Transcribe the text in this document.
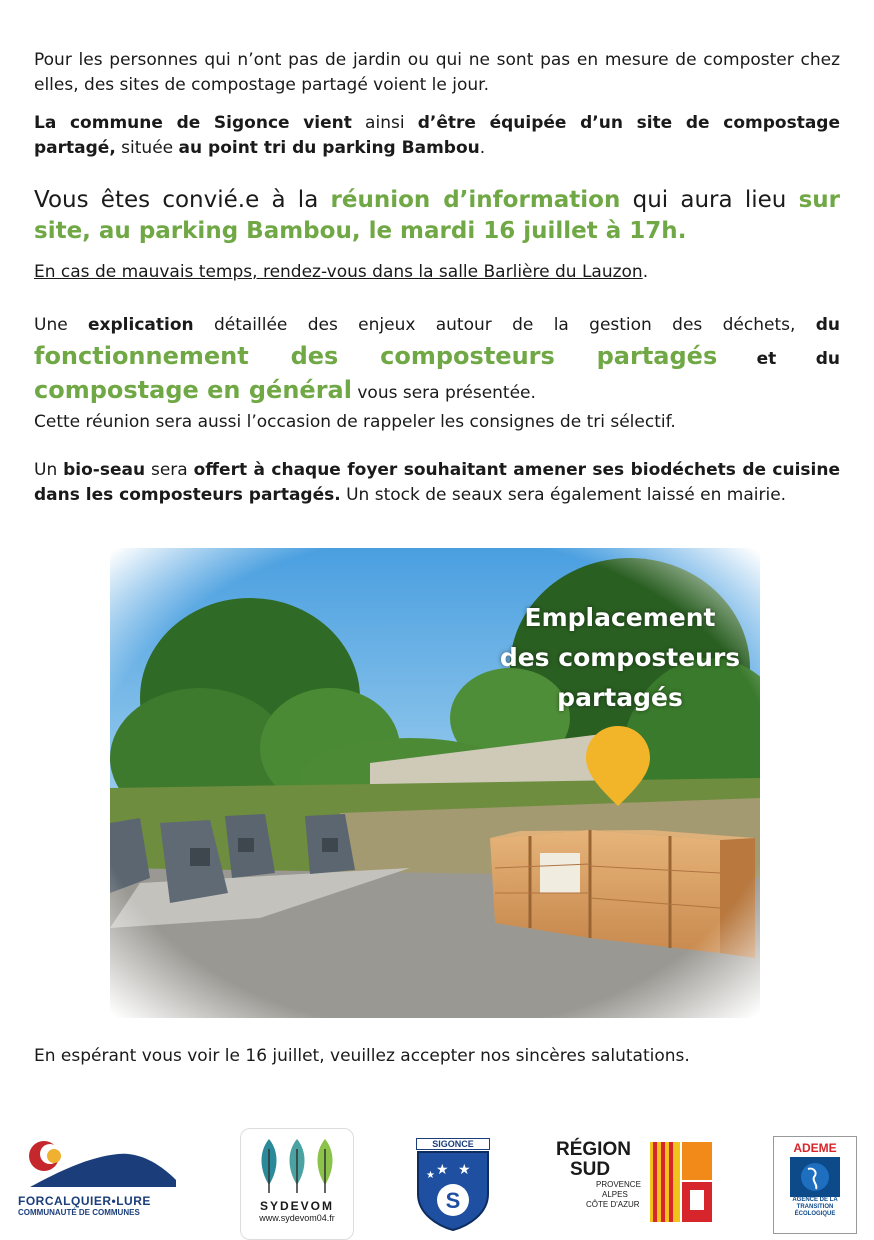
Pour les personnes qui n’ont pas de jardin ou qui ne sont pas en mesure de composter chez elles, des sites de compostage partagé voient le jour.

La commune de Sigonce vient ainsi d’être équipée d’un site de compostage partagé, située au point tri du parking Bambou.

Vous êtes convié.e à la réunion d’information qui aura lieu sur site, au parking Bambou, le mardi 16 juillet à 17h.

En cas de mauvais temps, rendez-vous dans la salle Barlière du Lauzon.

Une explication détaillée des enjeux autour de la gestion des déchets, du fonctionnement des composteurs partagés et du compostage en général vous sera présentée.

Cette réunion sera aussi l’occasion de rappeler les consignes de tri sélectif.

Un bio-seau sera offert à chaque foyer souhaitant amener ses biodéchets de cuisine dans les composteurs partagés. Un stock de seaux sera également laissé en mairie.

Emplacement
des composteurs
partagés

En espérant vous voir le 16 juillet, veuillez accepter nos sincères salutations.

FORCALQUIER•LURE
COMMUNAUTÉ DE COMMUNES	SYDEVOM
www.sydevom04.fr
SIGONCE
★ ★
★
S
RÉGION
SUD
PROVENCE
ALPES
CÔTE D'AZUR
ADEME
AGENCE DE LA
TRANSITION
ÉCOLOGIQUE
